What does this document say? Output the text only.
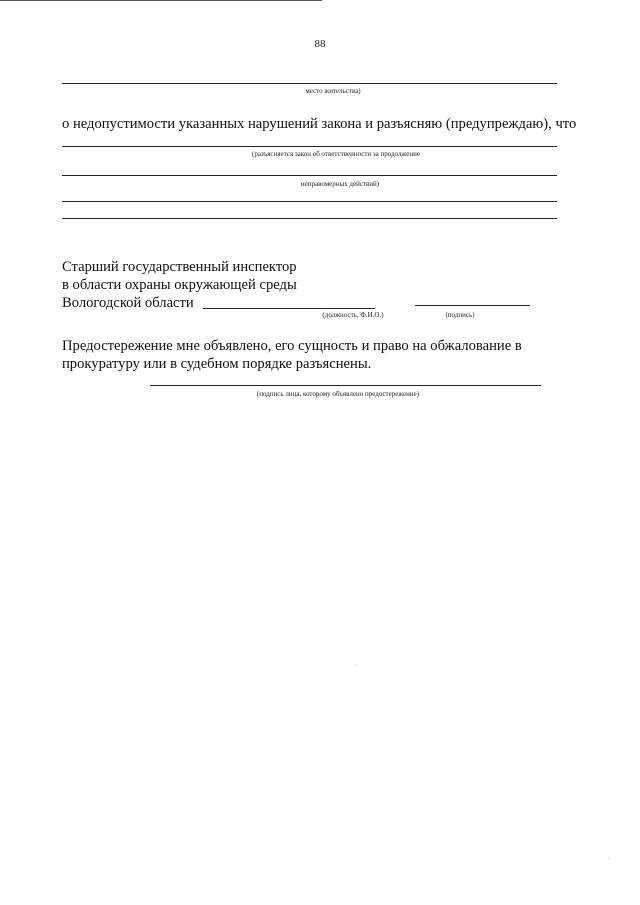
88
место жительства)
о недопустимости указанных нарушений закона и разъясняю (предупреждаю), что
(разъясняется закон об ответственности за продолжение
неправомерных действий)
Старший государственный инспектор
в области охраны окружающей среды
Вологодской области
(должность, Ф.И.О.)	(подпись)
Предостережение мне объявлено, его сущность и право на обжалование в
прокуратуру или в судебном порядке разъяснены.
(подпись лица, которому объявлено предостережение)
